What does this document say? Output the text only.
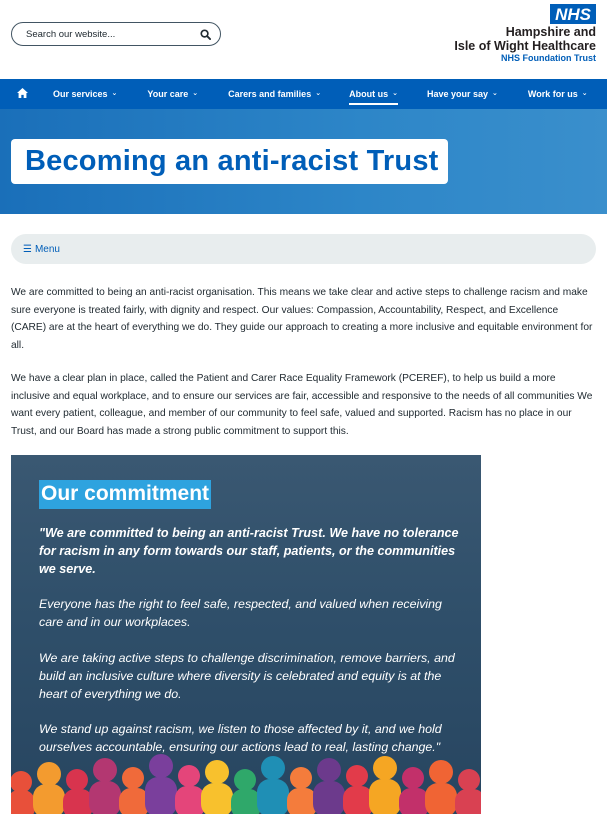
Search our website...
NHS
Hampshire and
Isle of Wight Healthcare
NHS Foundation Trust
Our services ⌄	Your care ⌄	Carers and families ⌄	About us ⌄	Have your say ⌄	Work for us ⌄
Becoming an anti-racist Trust
☰ Menu

We are committed to being an anti-racist organisation. This means we take clear and active steps to challenge racism and make sure everyone is treated fairly, with dignity and respect. Our values: Compassion, Accountability, Respect, and Excellence (CARE) are at the heart of everything we do. They guide our approach to creating a more inclusive and equitable environment for all.

We have a clear plan in place, called the Patient and Carer Race Equality Framework (PCEREF), to help us build a more inclusive and equal workplace, and to ensure our services are fair, accessible and responsive to the needs of all communities We want every patient, colleague, and member of our community to feel safe, valued and supported. Racism has no place in our Trust, and our Board has made a strong public commitment to support this.

Our commitment

"We are committed to being an anti-racist Trust. We have no tolerance for racism in any form towards our staff, patients, or the communities we serve.

Everyone has the right to feel safe, respected, and valued when receiving care and in our workplaces.

We are taking active steps to challenge discrimination, remove barriers, and build an inclusive culture where diversity is celebrated and equity is at the heart of everything we do.

We stand up against racism, we listen to those affected by it, and we hold ourselves accountable, ensuring our actions lead to real, lasting change."
